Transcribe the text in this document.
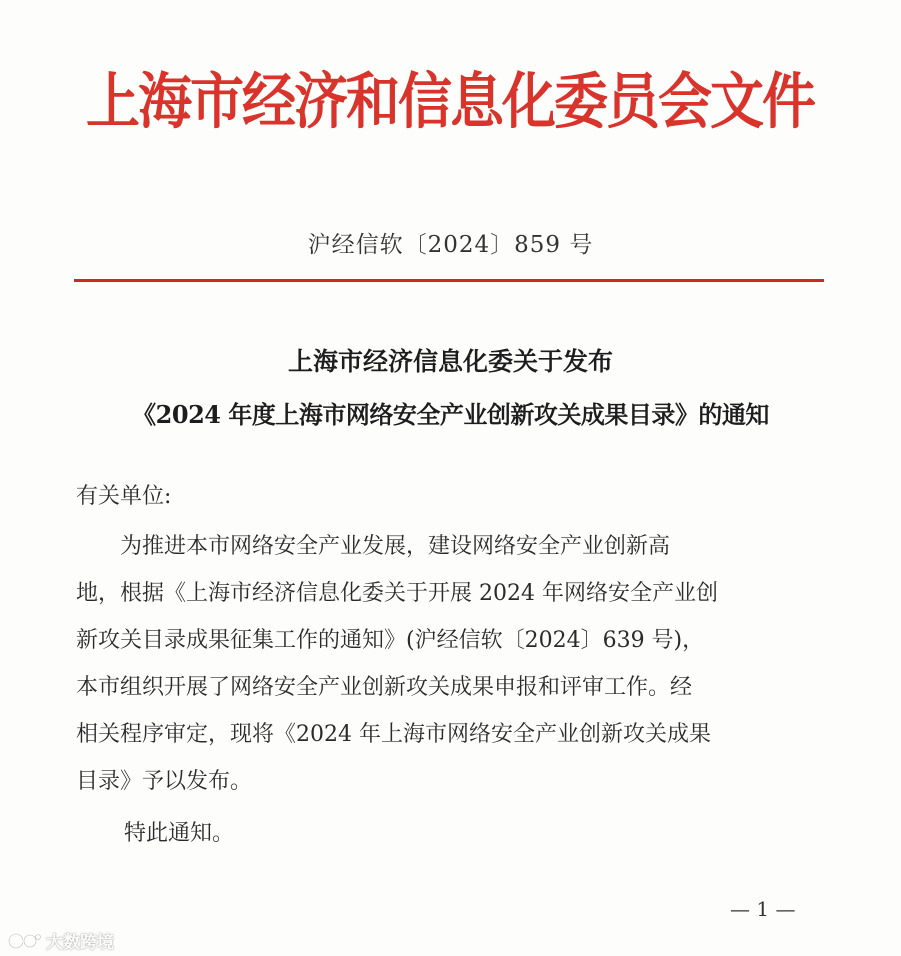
上海市经济和信息化委员会文件
沪经信软〔2024〕859 号
上海市经济信息化委关于发布
《2024 年度上海市网络安全产业创新攻关成果目录》的通知
有关单位:
　　为推进本市网络安全产业发展，建设网络安全产业创新高
地，根据《上海市经济信息化委关于开展 2024 年网络安全产业创
新攻关目录成果征集工作的通知》(沪经信软〔2024〕639 号)，
本市组织开展了网络安全产业创新攻关成果申报和评审工作。经
相关程序审定，现将《2024 年上海市网络安全产业创新攻关成果
目录》予以发布。
特此通知。
— 1 —
大数跨境
